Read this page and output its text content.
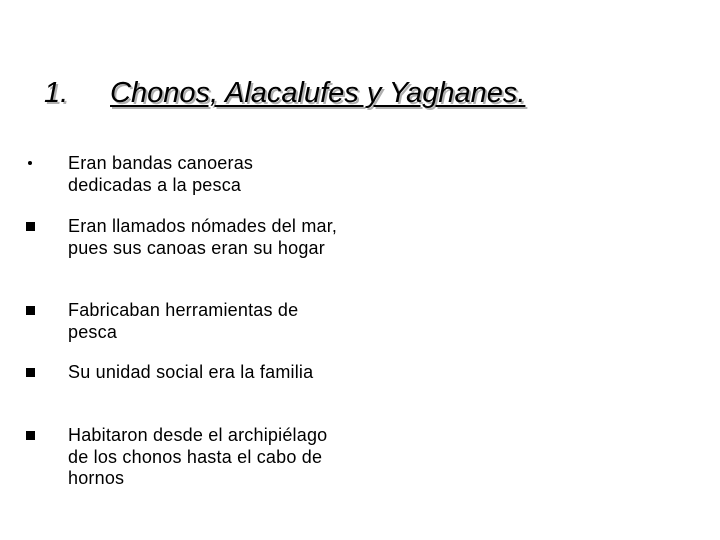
1. Chonos, Alacalufes y Yaghanes.
Eran bandas canoeras dedicadas a la pesca
Eran llamados nómades del mar, pues sus canoas eran su hogar
Fabricaban herramientas de pesca
Su unidad social era la familia
Habitaron desde el archipiélago de los chonos hasta el cabo de hornos
